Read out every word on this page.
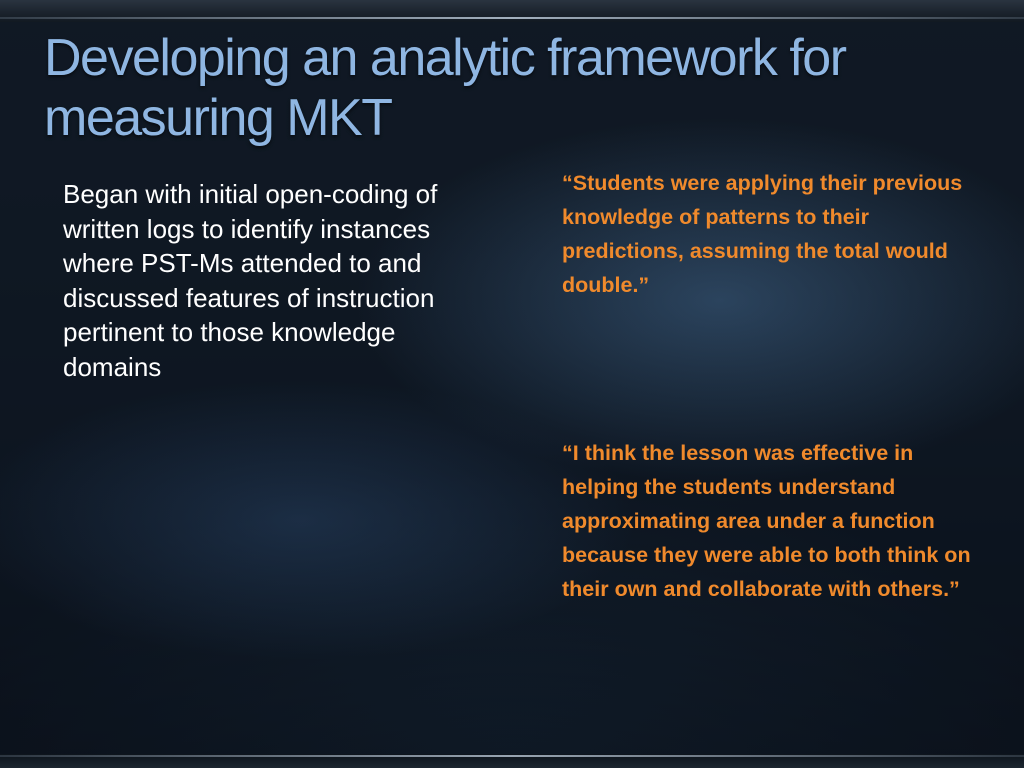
Developing an analytic framework for measuring MKT

Began with initial open-coding of written logs to identify instances where PST-Ms attended to and discussed features of instruction pertinent to those knowledge domains

“Students were applying their previous knowledge of patterns to their predictions, assuming the total would double.”

“I think the lesson was effective in helping the students understand approximating area under a function because they were able to both think on their own and collaborate with others.”
